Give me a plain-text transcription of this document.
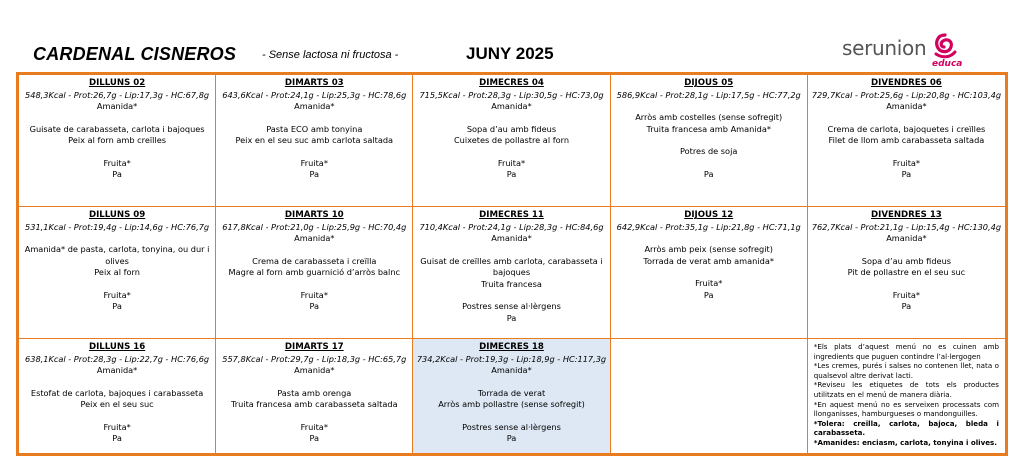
CARDENAL CISNEROS - Sense lactosa ni fructosa -	JUNY 2025	serunion
educa
DILLUNS 02
548,3Kcal - Prot:26,7g - Lip:17,3g - HC:67,8g
Amanida*
Guisate de carabasseta, carlota i bajoques
Peix al forn amb creïlles
Fruita*
Pa
DIMARTS 03
643,6Kcal - Prot:24,1g - Lip:25,3g - HC:78,6g
Amanida*
Pasta ECO amb tonyina
Peix en el seu suc amb carlota saltada
Fruita*
Pa
DIMECRES 04
715,5Kcal - Prot:28,3g - Lip:30,5g - HC:73,0g
Amanida*
Sopa d’au amb fideus
Cuixetes de pollastre al forn
Fruita*
Pa
DIJOUS 05
586,9Kcal - Prot:28,1g - Lip:17,5g - HC:77,2g
Arròs amb costelles (sense sofregit)
Truita francesa amb Amanida*
Potres de soja
Pa
DIVENDRES 06
729,7Kcal - Prot:25,6g - Lip:20,8g - HC:103,4g
Amanida*
Crema de carlota, bajoquetes i creïlles
Filet de llom amb carabasseta saltada
Fruita*
Pa
DILLUNS 09
531,1Kcal - Prot:19,4g - Lip:14,6g - HC:76,7g
Amanida* de pasta, carlota, tonyina, ou dur i olives
Peix al forn
Fruita*
Pa
DIMARTS 10
617,8Kcal - Prot:21,0g - Lip:25,9g - HC:70,4g
Amanida*
Crema de carabasseta i creïlla
Magre al forn amb guarnició d’arròs balnc
Fruita*
Pa
DIMECRES 11
710,4Kcal - Prot:24,1g - Lip:28,3g - HC:84,6g
Amanida*
Guisat de creïlles amb carlota, carabasseta i bajoques
Truita francesa
Postres sense al·lèrgens
Pa
DIJOUS 12
642,9Kcal - Prot:35,1g - Lip:21,8g - HC:71,1g
Arròs amb peix (sense sofregit)
Torrada de verat amb amanida*
Fruita*
Pa
DIVENDRES 13
762,7Kcal - Prot:21,1g - Lip:15,4g - HC:130,4g
Amanida*
Sopa d’au amb fideus
Pit de pollastre en el seu suc
Fruita*
Pa
DILLUNS 16
638,1Kcal - Prot:28,3g - Lip:22,7g - HC:76,6g
Amanida*
Estofat de carlota, bajoques i carabasseta
Peix en el seu suc
Fruita*
Pa
DIMARTS 17
557,8Kcal - Prot:29,7g - Lip:18,3g - HC:65,7g
Amanida*
Pasta amb orenga
Truita francesa amb carabasseta saltada
Fruita*
Pa
DIMECRES 18
734,2Kcal - Prot:19,3g - Lip:18,9g - HC:117,3g
Amanida*
Torrada de verat
Arròs amb pollastre (sense sofregit)
Postres sense al·lèrgens
Pa
*Els plats d’aquest menú no es cuinen amb ingredients que puguen contindre l’al·lergogen
*Les cremes, purés i salses no contenen llet, nata o qualsevol altre derivat lacti.
*Reviseu les etiquetes de tots els productes utilitzats en el menú de manera diària.
*En aquest menú no es serveixen processats com llonganisses, hamburgueses o mandonguilles.
*Tolera: creïlla, carlota, bajoca, bleda i carabasseta.
*Amanides: enciasm, carlota, tonyina i olives.
